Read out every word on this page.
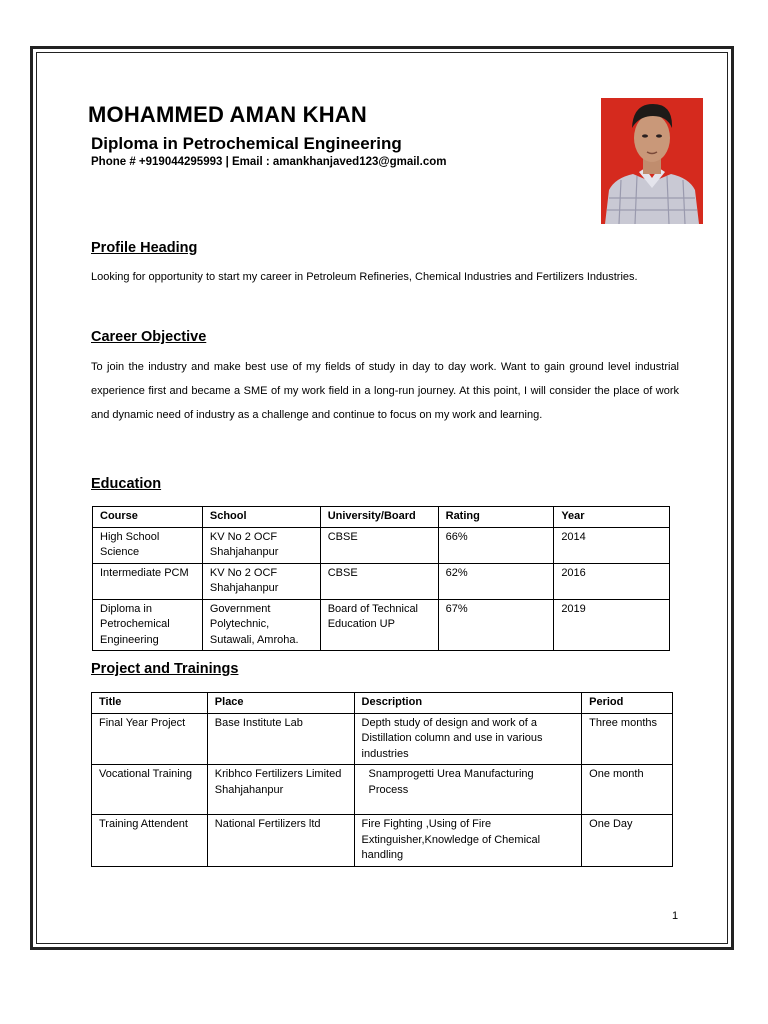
MOHAMMED AMAN KHAN
Diploma in Petrochemical Engineering
Phone # +919044295993 | Email : amankhanjaved123@gmail.com
Profile Heading
Looking for opportunity to start my career in Petroleum Refineries, Chemical Industries and Fertilizers Industries.
Career Objective
To join the industry and make best use of my fields of study in day to day work. Want to gain ground level industrial experience first and became a SME of my work field in a long-run journey. At this point, I will consider the place of work and dynamic need of industry as a challenge and continue to focus on my work and learning.
Education
Course	School	University/Board	Rating	Year
High School Science	KV No 2 OCF Shahjahanpur	CBSE	66%	2014
Intermediate PCM	KV No 2 OCF Shahjahanpur	CBSE	62%	2016
Diploma in Petrochemical Engineering	Government Polytechnic, Sutawali, Amroha.	Board of Technical Education UP	67%	2019
Project and Trainings
Title	Place	Description	Period
Final Year Project	Base Institute Lab	Depth study of design and work of a Distillation column and use in various industries	Three months
Vocational Training	Kribhco Fertilizers Limited Shahjahanpur	Snamprogetti Urea Manufacturing Process	One month
Training Attendent	National Fertilizers ltd	Fire Fighting ,Using of Fire Extinguisher,Knowledge of Chemical handling	One Day
1
